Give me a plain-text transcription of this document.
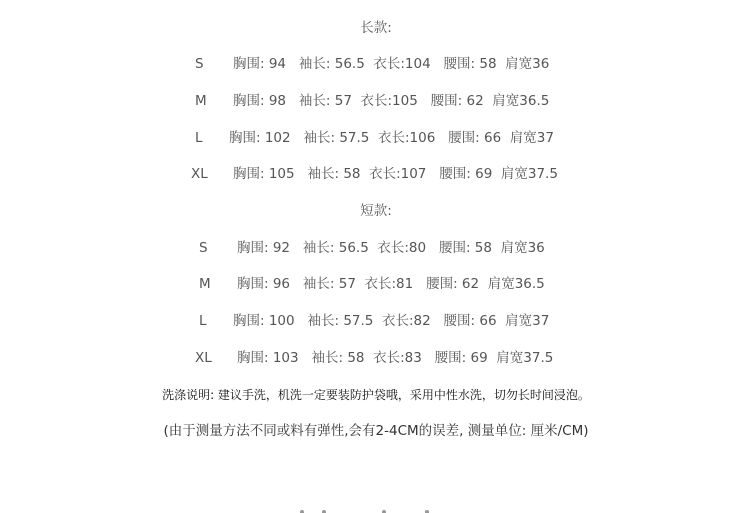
长款:

S

胸围: 94   袖长: 56.5  衣长:104   腰围: 58  肩宽36

M

胸围: 98   袖长: 57  衣长:105   腰围: 62  肩宽36.5

L

胸围: 102   袖长: 57.5  衣长:106   腰围: 66  肩宽37

XL

胸围: 105   袖长: 58  衣长:107   腰围: 69  肩宽37.5

短款:

S

胸围: 92   袖长: 56.5  衣长:80   腰围: 58  肩宽36

M

胸围: 96   袖长: 57  衣长:81   腰围: 62  肩宽36.5

L

胸围: 100   袖长: 57.5  衣长:82   腰围: 66  肩宽37

XL

胸围: 103   袖长: 58  衣长:83   腰围: 69  肩宽37.5

洗涤说明: 建议手洗，机洗一定要装防护袋哦，采用中性水洗，切勿长时间浸泡。
(由于测量方法不同或料有弹性,会有2-4CM的误差, 测量单位: 厘米/CM)
